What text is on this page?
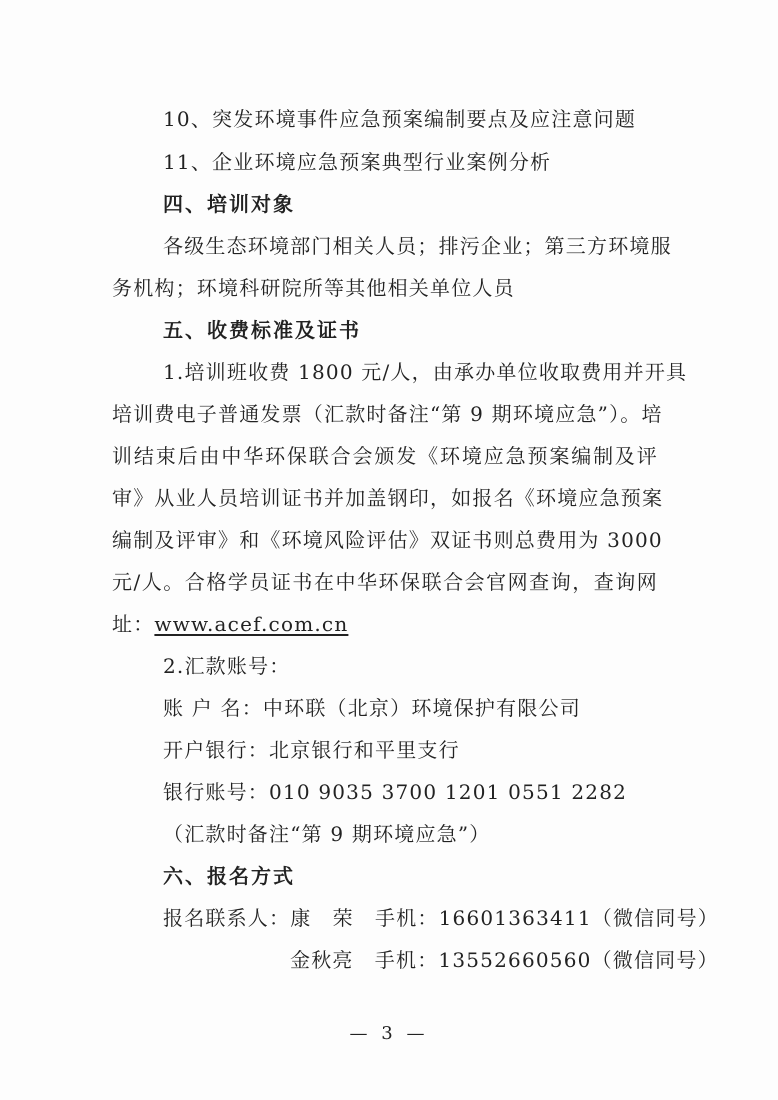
10、突发环境事件应急预案编制要点及应注意问题
11、企业环境应急预案典型行业案例分析
四、培训对象
各级生态环境部门相关人员；排污企业；第三方环境服
务机构；环境科研院所等其他相关单位人员
五、收费标准及证书
1.培训班收费 1800 元/人，由承办单位收取费用并开具
培训费电子普通发票（汇款时备注“第 9 期环境应急”）。培
训结束后由中华环保联合会颁发《环境应急预案编制及评
审》从业人员培训证书并加盖钢印，如报名《环境应急预案
编制及评审》和《环境风险评估》双证书则总费用为 3000
元/人。合格学员证书在中华环保联合会官网查询，查询网
址：www.acef.com.cn
2.汇款账号：
账 户 名：中环联（北京）环境保护有限公司
开户银行：北京银行和平里支行
银行账号：010 9035 3700 1201 0551 2282
（汇款时备注“第 9 期环境应急”）
六、报名方式
报名联系人：康　荣　手机：16601363411（微信同号）
金秋亮　手机：13552660560（微信同号）
— 3 —
